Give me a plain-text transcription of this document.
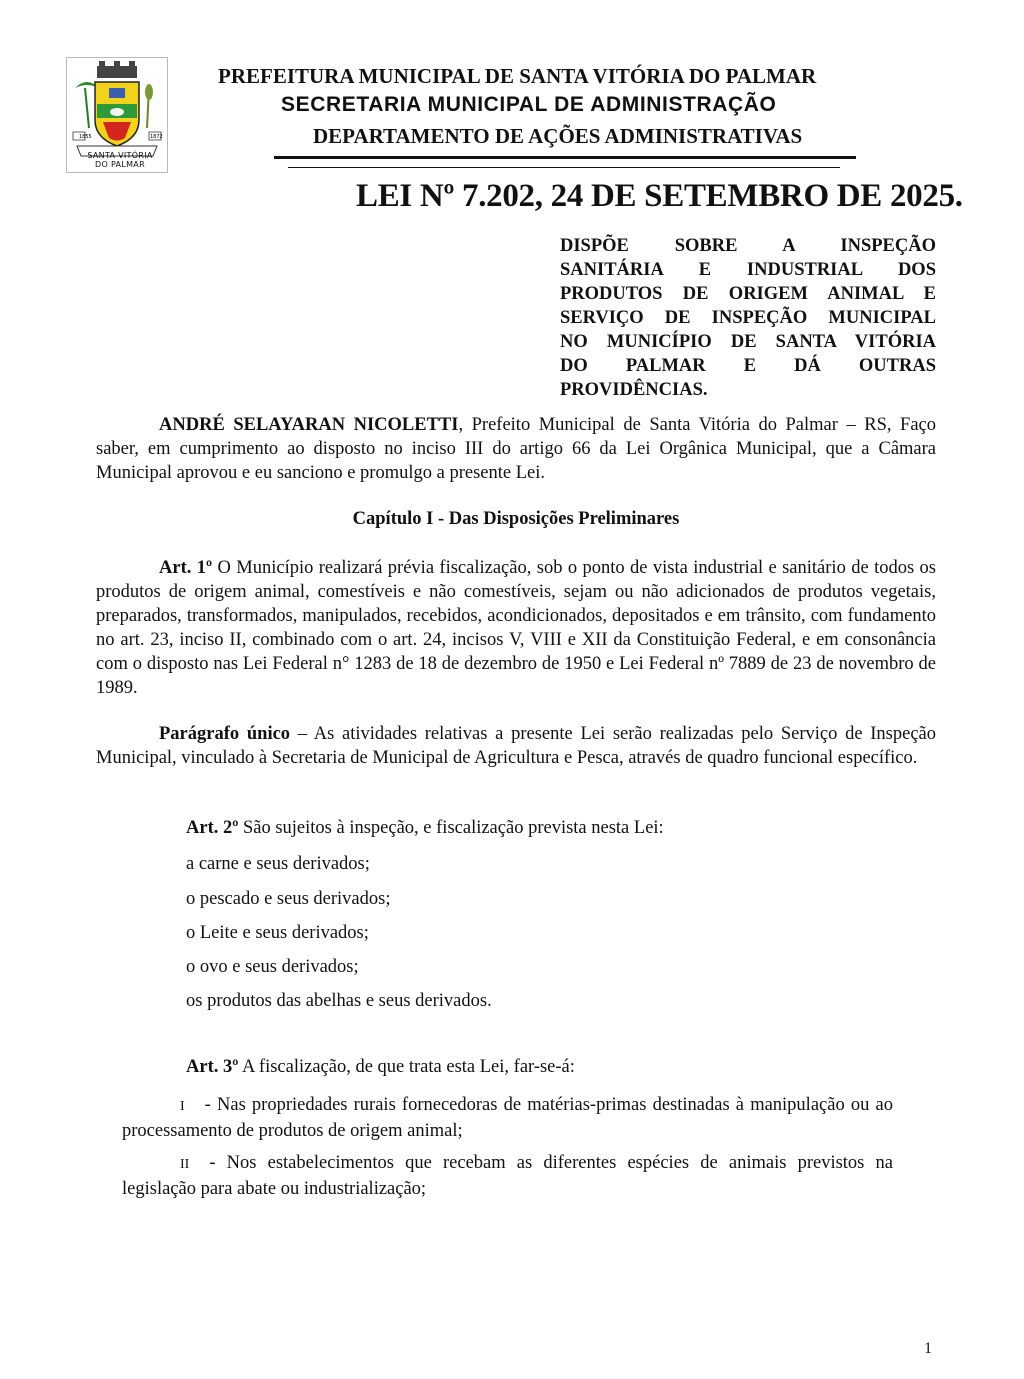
1855	1872
SANTA VITÓRIA DO PALMAR
PREFEITURA MUNICIPAL DE SANTA VITÓRIA DO PALMAR
SECRETARIA MUNICIPAL DE ADMINISTRAÇÃO
DEPARTAMENTO DE AÇÕES ADMINISTRATIVAS
LEI Nº 7.202, 24 DE SETEMBRO DE 2025.
DISPÕE SOBRE A INSPEÇÃO
SANITÁRIA E INDUSTRIAL DOS
PRODUTOS DE ORIGEM ANIMAL E
SERVIÇO DE INSPEÇÃO MUNICIPAL
NO MUNICÍPIO DE SANTA VITÓRIA
DO PALMAR E DÁ OUTRAS
PROVIDÊNCIAS.
ANDRÉ SELAYARAN NICOLETTI, Prefeito Municipal de Santa Vitória do Palmar – RS, Faço saber, em cumprimento ao disposto no inciso III do artigo 66 da Lei Orgânica Municipal, que a Câmara Municipal aprovou e eu sanciono e promulgo a presente Lei.
Capítulo I - Das Disposições Preliminares
Art. 1º O Município realizará prévia fiscalização, sob o ponto de vista industrial e sanitário de todos os produtos de origem animal, comestíveis e não comestíveis, sejam ou não adicionados de produtos vegetais, preparados, transformados, manipulados, recebidos, acondicionados, depositados e em trânsito, com fundamento no art. 23, inciso II, combinado com o art. 24, incisos V, VIII e XII da Constituição Federal, e em consonância com o disposto nas Lei Federal n° 1283 de 18 de dezembro de 1950 e Lei Federal nº 7889 de 23 de novembro de 1989.
Parágrafo único – As atividades relativas a presente Lei serão realizadas pelo Serviço de Inspeção Municipal, vinculado à Secretaria de Municipal de Agricultura e Pesca, através de quadro funcional específico.
Art. 2º São sujeitos à inspeção, e fiscalização prevista nesta Lei:
a carne e seus derivados;
o pescado e seus derivados;
o Leite e seus derivados;
o ovo e seus derivados;
os produtos das abelhas e seus derivados.
Art. 3º A fiscalização, de que trata esta Lei, far-se-á:
I - Nas propriedades rurais fornecedoras de matérias-primas destinadas à manipulação ou ao processamento de produtos de origem animal;
II - Nos estabelecimentos que recebam as diferentes espécies de animais previstos na legislação para abate ou industrialização;
1
